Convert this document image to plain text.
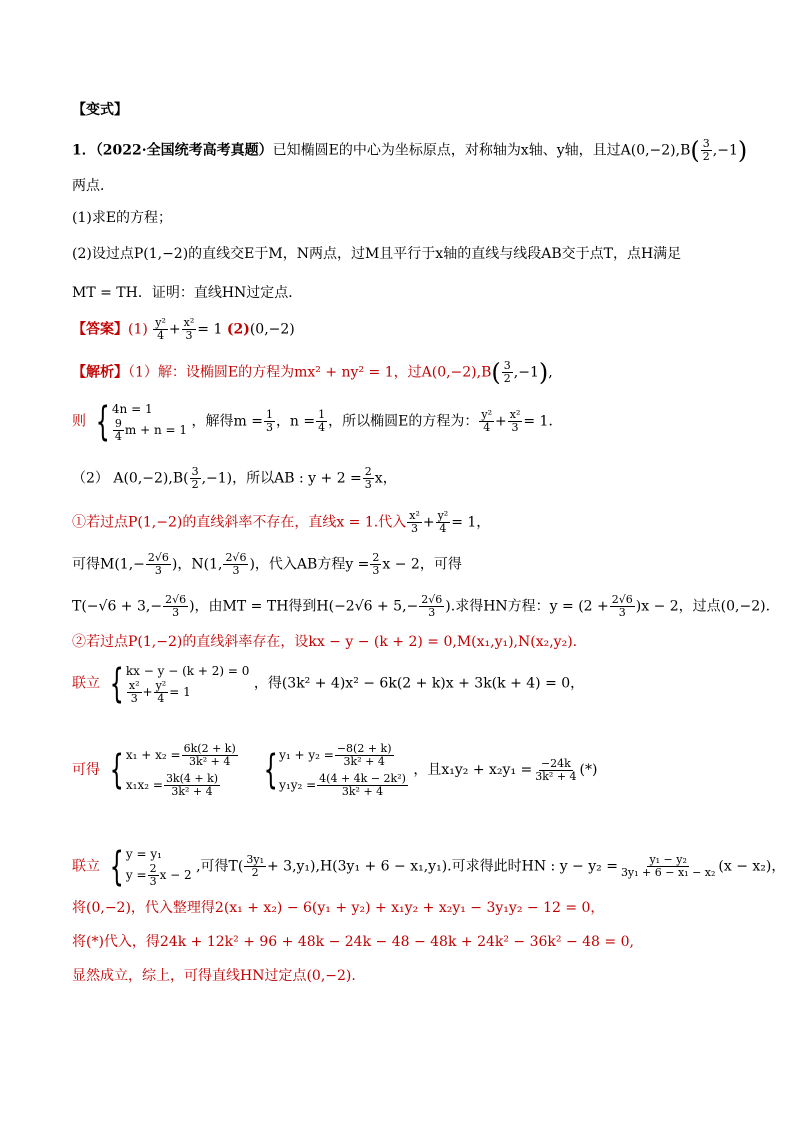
【变式】
1．（2022·全国统考高考真题）已知椭圆E的中心为坐标原点，对称轴为x轴、y轴，且过$A(0,-2),B( \frac{3}{2} ,-1)$
两点．
(1)求E的方程；
(2)设过点P(1,−2)的直线交E于M，N两点，过M且平行于x轴的直线与线段AB交于点T，点H满足
MT = TH．证明：直线HN过定点．
【答案】$(1) \frac{\text{y²}}{4} + \frac{\text{x²}}{3} = 1$ (2)(0,−2)
【解析】（1）解：设椭圆E的方程为mx² + ny² = 1，过$A(0,-2),B( \frac{3}{2} ,-1)$,
则 { 4n = 1
$\frac{9}{4}$ m + n = 1
，解得$m = \frac{1}{3}$ ，$n = \frac{1}{4}$ ，所以椭圆E的方程为： $\frac{\text{y²}}{4} + \frac{\text{x²}}{3} = 1$．
（2） $A(0,-2),B( \frac{3}{2} ,-1)$，所以AB : $y + 2 = \frac{2}{3}$ x，
①若过点P(1,−2)的直线斜率不存在，直线x = 1.代入 $\frac{\text{x²}}{3} + \frac{\text{y²}}{4} = 1$，
可得$M(1,- \frac{2√6}{3}$ )，N(1, $\frac{2√6}{3}$ )，代入AB方程$y = \frac{2}{3}$ x − 2，可得
$T(-√6 + 3,- \frac{2√6}{3}$ )，由MT = TH得到$H(-2√6 + 5,- \frac{2√6}{3}$ ).求得HN方程：$y = (2 + \frac{2√6}{3} )x - 2$，过点(0,−2).
②若过点P(1,−2)的直线斜率存在，设kx − y − (k + 2) = 0,M(x₁,y₁),N(x₂,y₂).
联立 { kx − y − (k + 2) = 0
$\frac{\text{x²}}{3} + \frac{\text{y²}}{4} = 1$
，得(3k² + 4)x² − 6k(2 + k)x + 3k(k + 4) = 0，
可得 { $x_1 + x_2 = \frac{6k(2 + k)}{\text{3k² + 4}}$
$x_1x_2 = \frac{3k(4 + k)}{\text{3k² + 4}}$
{ $y_1 + y_2 = \frac{-8(2 + k)}{\text{3k² + 4}}$
$y_1y_2 = \frac{\text{4(4 + 4k − 2k²)}}{\text{3k² + 4}}$
，且$x_1y_2 + x_2y_1 = \frac{-24k}{\text{3k² + 4}}$ (*)
联立 { y = y₁
$y = \frac{2}{3}$ x − 2
,可得$T( \frac{\text{3y₁}}{2} + 3,y_1),H(3y_1 + 6 - x_1,y_1)$.可求得此时HN : $y - y_2 = \frac{\text{y₁ − y₂}}{\text{3y₁ + 6 − x₁ − x₂}} (x - x_2)$，
将(0,−2)，代入整理得2(x₁ + x₂) − 6(y₁ + y₂) + x₁y₂ + x₂y₁ − 3y₁y₂ − 12 = 0，
将(*)代入，得24k + 12k² + 96 + 48k − 24k − 48 − 48k + 24k² − 36k² − 48 = 0,
显然成立，综上，可得直线HN过定点(0,−2).
